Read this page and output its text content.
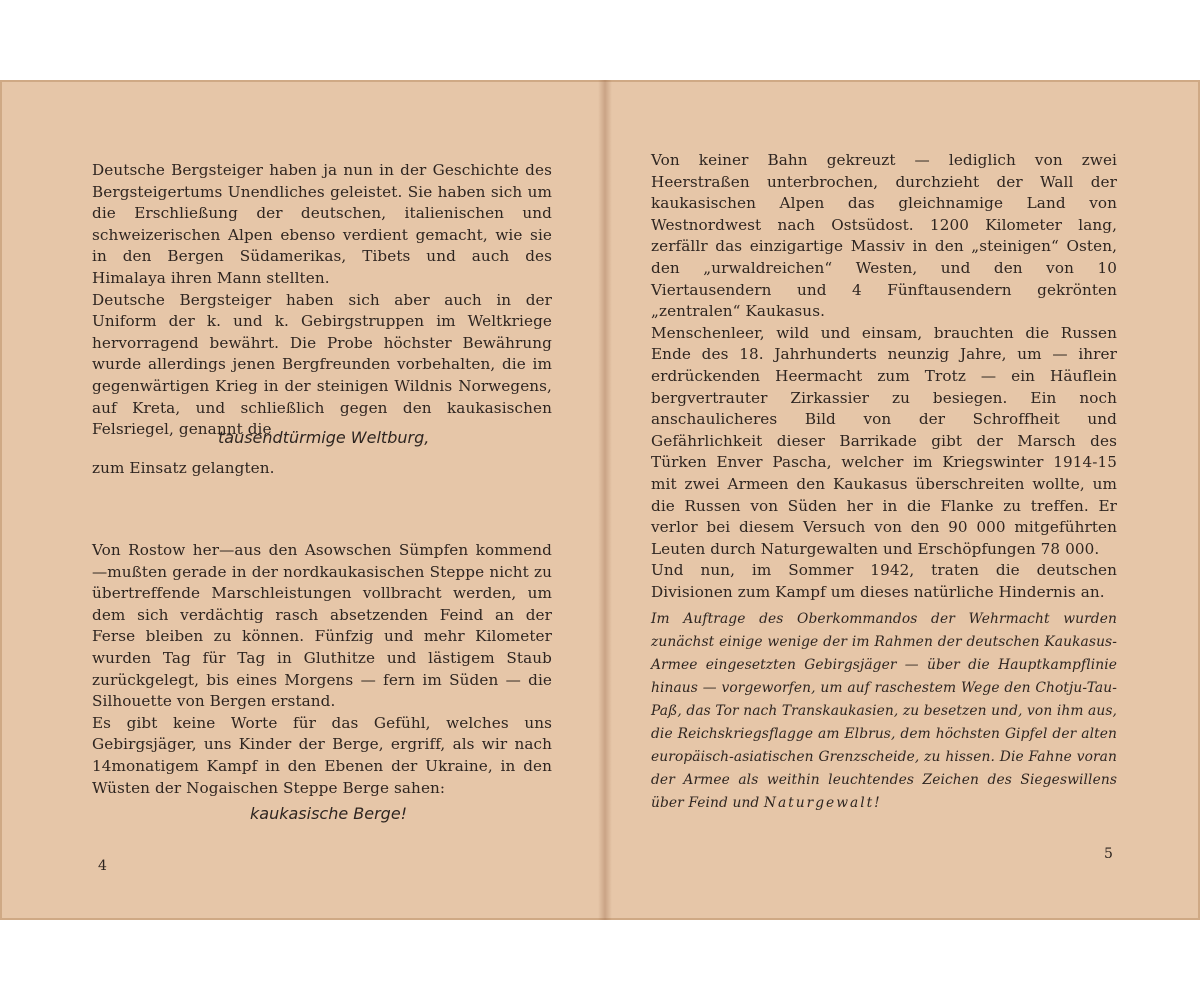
Deutsche Bergsteiger haben ja nun in der Geschichte des Bergsteigertums Unendliches geleistet. Sie haben sich um die Erschließung der deutschen, italienischen und schweizerischen Alpen ebenso verdient gemacht, wie sie in den Bergen Südamerikas, Tibets und auch des Himalaya ihren Mann stellten.

Deutsche Bergsteiger haben sich aber auch in der Uniform der k. und k. Gebirgstruppen im Weltkriege hervorragend bewährt. Die Probe höchster Bewährung wurde allerdings jenen Bergfreunden vorbehalten, die im gegenwärtigen Krieg in der steinigen Wildnis Norwegens, auf Kreta, und schließlich gegen den kaukasischen Felsriegel, genannt die

tausendtürmige Weltburg,
zum Einsatz gelangten.

Von Rostow her—aus den Asowschen Sümpfen kommend—mußten gerade in der nordkaukasischen Steppe nicht zu übertreffende Marschleistungen vollbracht werden, um dem sich verdächtig rasch absetzenden Feind an der Ferse bleiben zu können. Fünfzig und mehr Kilometer wurden Tag für Tag in Gluthitze und lästigem Staub zurückgelegt, bis eines Morgens — fern im Süden — die Silhouette von Bergen erstand.

Es gibt keine Worte für das Gefühl, welches uns Gebirgsjäger, uns Kinder der Berge, ergriff, als wir nach 14monatigem Kampf in den Ebenen der Ukraine, in den Wüsten der Nogaischen Steppe Berge sahen:

kaukasische Berge!
4

Von keiner Bahn gekreuzt — lediglich von zwei Heerstraßen unterbrochen, durchzieht der Wall der kaukasischen Alpen das gleichnamige Land von Westnordwest nach Ostsüdost. 1200 Kilometer lang, zerfällr das einzigartige Massiv in den „steinigen“ Osten, den „urwaldreichen“ Westen, und den von 10 Viertausendern und 4 Fünftausendern gekrönten „zentralen“ Kaukasus.

Menschenleer, wild und einsam, brauchten die Russen Ende des 18. Jahrhunderts neunzig Jahre, um — ihrer erdrückenden Heermacht zum Trotz — ein Häuflein bergvertrauter Zirkassier zu besiegen. Ein noch anschaulicheres Bild von der Schroffheit und Gefährlichkeit dieser Barrikade gibt der Marsch des Türken Enver Pascha, welcher im Kriegswinter 1914-15 mit zwei Armeen den Kaukasus überschreiten wollte, um die Russen von Süden her in die Flanke zu treffen. Er verlor bei diesem Versuch von den 90 000 mitgeführten Leuten durch Naturgewalten und Erschöpfungen 78 000.

Und nun, im Sommer 1942, traten die deutschen Divisionen zum Kampf um dieses natürliche Hindernis an.

Im Auftrage des Oberkommandos der Wehrmacht wurden zunächst einige wenige der im Rahmen der deutschen Kaukasus-Armee eingesetzten Gebirgsjäger — über die Hauptkampflinie hinaus — vorgeworfen, um auf raschestem Wege den Chotju-Tau-Paß, das Tor nach Transkaukasien, zu besetzen und, von ihm aus, die Reichskriegsflagge am Elbrus, dem höchsten Gipfel der alten europäisch-asiatischen Grenzscheide, zu hissen. Die Fahne voran der Armee als weithin leuchtendes Zeichen des Siegeswillens über Feind und Naturgewalt!
5
